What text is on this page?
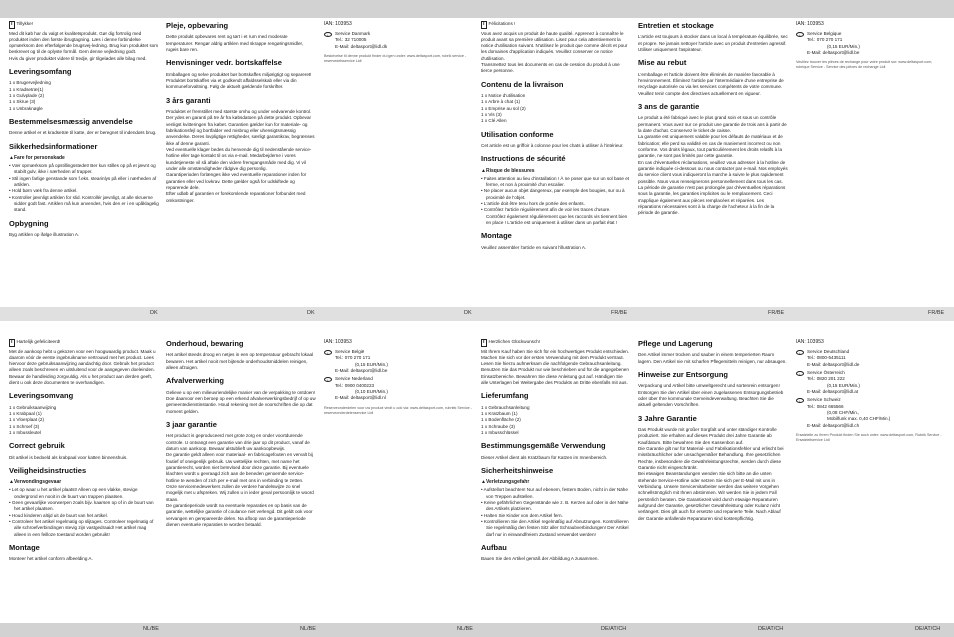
DK	DK	DK	FR/BE	FR/BE	FR/BE
NL/BE	NL/BE	NL/BE	DE/AT/CH	DE/AT/CH	DE/AT/CH
i Tillykke!
Med dit køb har du valgt et kvalitetsprodukt. Gør dig fortrolig med produktet inden den første ibrugtagning. Læs i denne forbindelse opmærksom den efterfølgende brugsvej-ledning. Brug kun produktet som beskrevet og til de oplyste formål. Gem denne vejledning godt.
Hvis du giver produktet videre til tredje, gir tilgelødes alle bilag med.
Leveringsomfang
1 x Brugervejledning
1 x Kradsetræ(1)
1 x Gulvplade (2)
1 x Skrue (3)
1 x Unbraknøgle
Bestemmelsesmæssig anvendelse
Denne artikel er et kradsetræ til katte, der er beregnet til indendørs brug.
Sikkerhedsinformationer
▲ Fare for personskade
• Vær opmærksom på opstillingsstedet! Ber kun stilles op på et jævnt og stabilt gulv, ikke i nærheden af trapper.
• Stil ingen farlige genstande som f.eks. stearinlys på eller i nærheden af artiklen.
• Hold børn væk fra denne artikel.
• Kontroller jævnligt artiklen for slid. Kontrollér jævnligt, at alle skruerne sidder godt fast. Artiklen må kun anvendes, hvis den er i en upåklagelig stand.
Opbygning
Byg artiklen op ifølge illustration A.
Pleje, opbevaring
Dette produkt opbevares rent og tørt i et rum med moderate temperaturer. Rengør aldrig artiklen med skrappe rengøringsmidler, rugeis bare ren.
Henvisninger vedr. bortskaffelse
Emballagen og selve produktet bør bortskaffes miljørigtigt og separeret! Produktet bortskaffes via et godkendt affaldsselskab eller via din kommuneforvaltning. Følg de aktuelt gældende forskrifter.
3 års garanti
Produktet er fremstillet med største omhu og under vedvarende kontrol. Der ydes en garanti på tre år fra købsdatoen på dette produkt. Opbevar venligst kvitteringen fra købet. Garantien gælder kun for materiale- og fabrikationsfejl og bortfalder ved misbrug eller uhensigtsmæssig anvendelse. Deres lovpligtige rettigheder, særligt garantikrav, begrænses ikke af denne garanti.
Ved eventuelle klager bedes du henvende dig til nedenstående service-hotline eller tage kontakt til os via e-mail. Medarbejderne i vores kundetjeneste vil så aftale den videre fremgangsmåde med dig. Vi vil under alle omstændigheder rådgive dig personlig.
Garantiperioden forlænges ikke ved eventuelle reparationer inden for garantien eller ved lovkrav. Dette gælder også for udskiftede og reparerede dele.
Efter udløb af garantien er forekomlende reparationer forbundet med omkostninger.
IAN: 103953
◐	Service Danmark
Tel.: 32 710005
E-Mail: deltasport@lidl.dk
Beskrivelse til denne produkt finder du igen under: www.deltasport.com, rubrik service - reservedelsservice Lidl
i Félicitations !
Vous avez acquis un produit de haute qualité. Apprenez à connaître le produit avant sa première utilisation. Lisez pour cela attentivement la notice d'utilisation suivant. N'utilisez le produit que comme décrit et pour les domaines d'application indiqués. Veuillez conserver ce notice d'utilisation.
Transmettez tous les documents en cas de cession du produit à une tierce personne.
Contenu de la livraison
1 x Notice d'utilisation
1 x Arbre à chat (1)
1 x Emprise au sol (2)
1 x Vis (3)
1 x Clé Allen
Utilisation conforme
Cet article est un griffoir à colonne pour les chats à utiliser à l'intérieur.
Instructions de sécurité
▲ Risque de blessures
• Faites attention au lieu d'installation ! À ne poser que sur un sol base et ferme, et non à proximité d'un escalier.
• Ne placer aucun objet dangereux, par exemple des bougies, sur ou à proximité de l'objet.
• L'article doit être tenu hors de portée des enfants.
• Contrôlez l'article régulièrement afin de voir les traces d'usure. Contrôlez également régulièrement que les raccords vis tiennent bien en place ! L'article est uniquement à utiliser dans un parfait état !
Montage
Veuillez assembler l'article en suivant l'illustration A.
Entretien et stockage
L'article est toujours à stocker dans un local à température équilibrée, sec et propre. Ne jamais nettoyer l'article avec un produit d'entretien agressif. Utiliser uniquement l'aspirateur.
Mise au rebut
L'emballage et l'article doivent être éliminés de manière favorable à l'environnement. Éliminez l'article par l'intermédiaire d'une entreprise de recyclage autorisée ou via les services compétents de votre commune. Veuillez tenir compte des directives actuellement en vigueur.
3 ans de garantie
Le produit a été fabriqué avec le plus grand soin et sous un contrôle permanent. Vous avez sur ce produit une garantie de trois ans à partir de la date d'achat. Conservez le ticket de caisse.
La garantie est uniquement valable pour les défauts de matériaux et de fabrication; elle perd sa validité en cas de maniement incorrect ou non conforme. Vos droits légaux, tout particulièrement les droits relatifs à la garantie, ne sont pas limités par cette garantie.
En cas d'éventuelles réclamations, veuillez vous adresser à la hotline de garantie indiquée ci-dessous ou nous contacter par e-mail. Nos employés du service client vous indiqueront la marche à suivre le plus rapidement possible. Nous vous renseignerons personnellement dans tous les cas.
La période de garantie n'est pas prolongée par d'éventuelles réparations sous la garantie, les garanties implicites ou le remplacement. Ceci s'applique également aux pièces remplacées et réparées. Les réparations nécessaires sont à la charge de l'acheteur à la fin de la période de garantie.
IAN: 103953
◐	Service Belgique
Tel.: 070 270 171
(0,15 EUR/Min.)
E-Mail: deltasport@lidl.be
Veuillez trouver les pièces de rechange pour votre produit sur: www.deltasport.com, rubrique Service - Service des pièces de rechange Lidl
i Hartelijk gefeliciteerd!
Met de aankoop hebt u gekozen voor een hoogwaardig product. Maak u daarom vóór de eerste ingebruikname vertrouwd met het product. Lees hiervoor deze gebruiksaanwijzing aandachtig door. Gebruik het product alleen zoals beschreven en uitsluitend voor de aangegeven doeleinden. Bewaar de handleiding zorgvuldig. Als u het product aan derden geeft, dient u ook deze documenten te overhandigen.
Leveringsomvang
1 x Gebruiksaanwijzing
1 x Krabpaal (1)
1 x Vloerplaat (2)
1 x Schroef (3)
1 x Inbussleutel
Correct gebruik
Dit artikel is bedoeld als krabpaal voor katten binnenshuis.
Veiligheidsinstructies
▲ Verwondingsgevaar
• Let op waar u het artikel plaatst! Alleen op een vlakke, stevige ondergrond en nooit in de buurt van trappen plaatsen.
• Geen gevaarlijke voorwerpen zoals bijv. kaarsen op of in de buurt van het artikel plaatsen.
• Houd kinderen altijd uit de buurt van het artikel.
• Controleer het artikel regelmatig op slijtages. Controleer regelmatig of alle schroefverbindingen stevig zijn vastgedraaid! Het artikel mag alleen in een feilloze toestand worden gebruikt!
Montage
Monteer het artikel conform afbeelding A.
Onderhoud, bewaring
Het artikel steeds droog en netjes in een op temperatuur gebracht lokaal bewaren. Het artikel nooit met bijtende onderhoudsmiddelen reinigen, alleen afzuigen.
Afvalverwerking
Gelieve u op een milieuvriendelijke manier van de verpakking te ontdoen! Doe daarvoor een beroep op een erkend afvalverwerkingsbedrijf of op uw gemeentedienstinstantie. Houd rekening met de voorschriften die op dat moment gelden.
3 jaar garantie
Het product is geproduceerd met grote zorg en onder voortdurende controle. U ontvangt een garantie van drie jaar op dit product, vanaf de datum van aankoop. Bewaar alstublieft uw aankoopbewijs.
De garantie geldt alleen voor materiaal- en fabricagefouten en vervalt bij foutief of oneigenlijk gebruik. Uw wettelijke rechten, met name het garantierecht, worden niet beïnvloed door deze garantie. Bij eventuele klachten wordt u gevraagd zich aan de beneden genoemde service-hotline te wenden of zich per e-mail met ons in verbinding te zetten.
Onze servicemedewerkers zullen de verdere handelswijze zo snel mogelijk met u afspreken. Wij zullen u in ieder geval persoonlijk te woord staan.
De garantieperiode wordt na eventuele reparaties en op basis van de garantie, wettelijke garantie of coulance niet verlengd. Dit geldt ook voor vervangen en gerepareerde delen. Na afloop van de garantieperiode dienen eventuele reparaties te worden betaald.
IAN: 103953
◐	Service België
Tel.: 070 270 171
(0,15 EUR/Min.)
E-Mail: deltasport@lidl.be
◐	Service Nederland
Tel.: 0900 0400223
(0,10 EUR/Min.)
E-Mail: deltasport@lidl.nl
Reserveonderdelen voor uw product vindt u ook via: www.deltasport.com, rubriek Service - reserveonderdelenservice Lidl
i Herzlichen Glückwunsch!
Mit Ihrem Kauf haben Sie sich für ein hochwertiges Produkt entschieden. Machen Sie sich vor der ersten Verwendung mit dem Produkt vertraut. Lesen Sie hierzu aufmerksam die nachfolgende Gebrauchsanleitung. Benutzen Sie das Produkt nur wie beschrieben und für die angegebenen Einsatzbereiche. Bewahren Sie diese Anleitung gut auf. Händigen Sie alle Unterlagen bei Weitergabe des Produkts an Dritte ebenfalls mit aus.
Lieferumfang
1 x Gebrauchsanleitung
1 x Kratzbaum (1)
1 x Bodenfläche (2)
1 x Schraube (3)
1 x Inbusschlüssel
Bestimmungsgemäße Verwendung
Dieser Artikel dient als Kratzbaum für Katzen im Innenbereich.
Sicherheitshinweise
▲ Verletzungsgefahr
• Aufstellort beachten! Nur auf ebenem, festem Boden, nicht in der Nähe von Treppen aufstellen.
• Keine gefährlichen Gegenstände wie z. B. Kerzen auf oder in der Nähe des Artikels platzieren.
• Halten Sie Kinder von dem Artikel fern.
• Kontrollieren Sie den Artikel regelmäßig auf Abnutzungen. Kontrollieren Sie regelmäßig den festen Sitz aller Schraubverbindungen! Der Artikel darf nur in einwandfreiem Zustand verwendet werden!
Aufbau
Bauen Sie den Artikel gemäß der Abbildung A zusammen.
Pflege und Lagerung
Den Artikel immer trocken und sauber in einem temperierten Raum lagern. Den Artikel nie mit scharfen Pflegemitteln reinigen, nur absaugen.
Hinweise zur Entsorgung
Verpackung und Artikel bitte umweltgerecht und sortenrein entsorgen! Entsorgen Sie den Artikel über einen zugelassenen Entsorgungsbetrieb oder über Ihre kommunale Gemeindeverwaltung. Beachten Sie die aktuell geltenden Vorschriften.
3 Jahre Garantie
Das Produkt wurde mit großer Sorgfalt und unter ständiger Kontrolle produziert. Sie erhalten auf dieses Produkt drei Jahre Garantie ab Kaufdatum. Bitte bewahren Sie den Kassenbon auf.
Die Garantie gilt nur für Material- und Fabrikationsfehler und erlischt bei missbräuchlicher oder unsachgemäßer Behandlung. Ihre gesetzlichen Rechte, insbesondere die Gewährleistungsrechte, werden durch diese Garantie nicht eingeschränkt.
Bei etwaigen Beanstandungen wenden Sie sich bitte an die unten stehende Service-Hotline oder setzen Sie sich per E-Mail mit uns in Verbindung. Unsere Servicemitarbeiter werden das weitere Vorgehen schnellstmöglich mit Ihnen abstimmen. Wir werden Sie in jedem Fall persönlich beraten. Die Garantiezeit wird durch etwaige Reparaturen aufgrund der Garantie, gesetzlicher Gewährleistung oder Kulanz nicht verlängert. Dies gilt auch für ersetzte und reparierte Teile. Nach Ablauf der Garantie anfallende Reparaturen sind kostenpflichtig.
IAN: 103953
◐	Service Deutschland
Tel.: 0800-5435111
E-Mail: deltasport@lidl.de
◐	Service Österreich
Tel.: 0820 201 222
(0,15 EUR/Min.)
E-Mail: deltasport@lidl.at
◐	Service Schweiz
Tel.: 0842 665566
(0,08 CHF/Min.,
Mobilfunk max. 0,40 CHF/Min.)
E-Mail: deltasport@lidl.ch
Ersatzteile zu Ihrem Produkt finden Sie auch unter: www.deltasport.com, Rubrik Service - Ersatzteilservice Lidl
